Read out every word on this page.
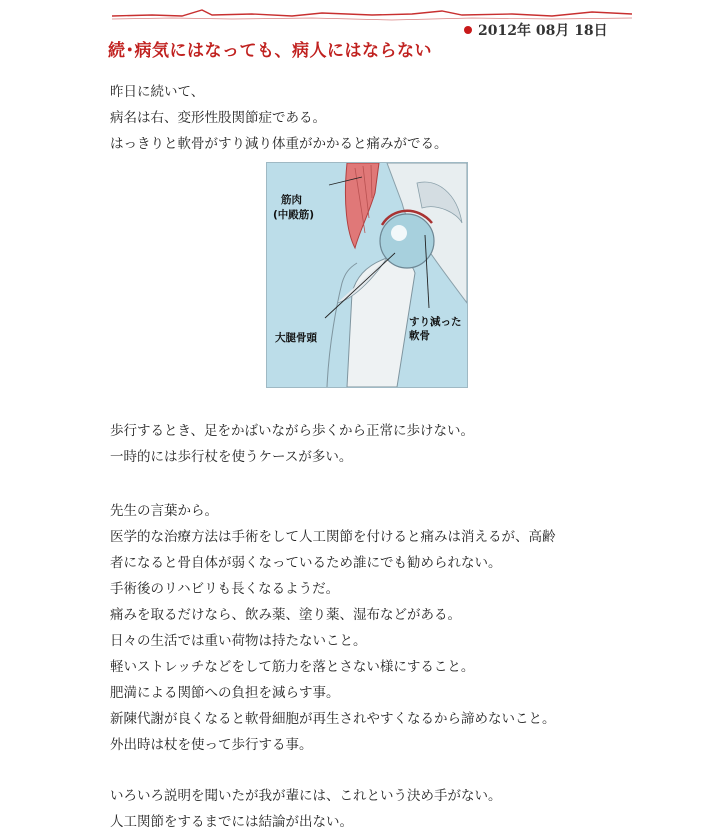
2012年 08月 18日
続･病気にはなっても、病人にはならない
昨日に続いて、
病名は右、変形性股関節症である。
はっきりと軟骨がすり減り体重がかかると痛みがでる。
筋肉
(中殿筋)
大腿骨頭
すり減った
軟骨
歩行するとき、足をかばいながら歩くから正常に歩けない。
一時的には歩行杖を使うケースが多い。
先生の言葉から。
医学的な治療方法は手術をして人工関節を付けると痛みは消えるが、高齢
者になると骨自体が弱くなっているため誰にでも勧められない。
手術後のリハビリも長くなるようだ。
痛みを取るだけなら、飲み薬、塗り薬、湿布などがある。
日々の生活では重い荷物は持たないこと。
軽いストレッチなどをして筋力を落とさない様にすること。
肥満による関節への負担を減らす事。
新陳代謝が良くなると軟骨細胞が再生されやすくなるから諦めないこと。
外出時は杖を使って歩行する事。
いろいろ説明を聞いたが我が輩には、これという決め手がない。
人工関節をするまでには結論が出ない。
